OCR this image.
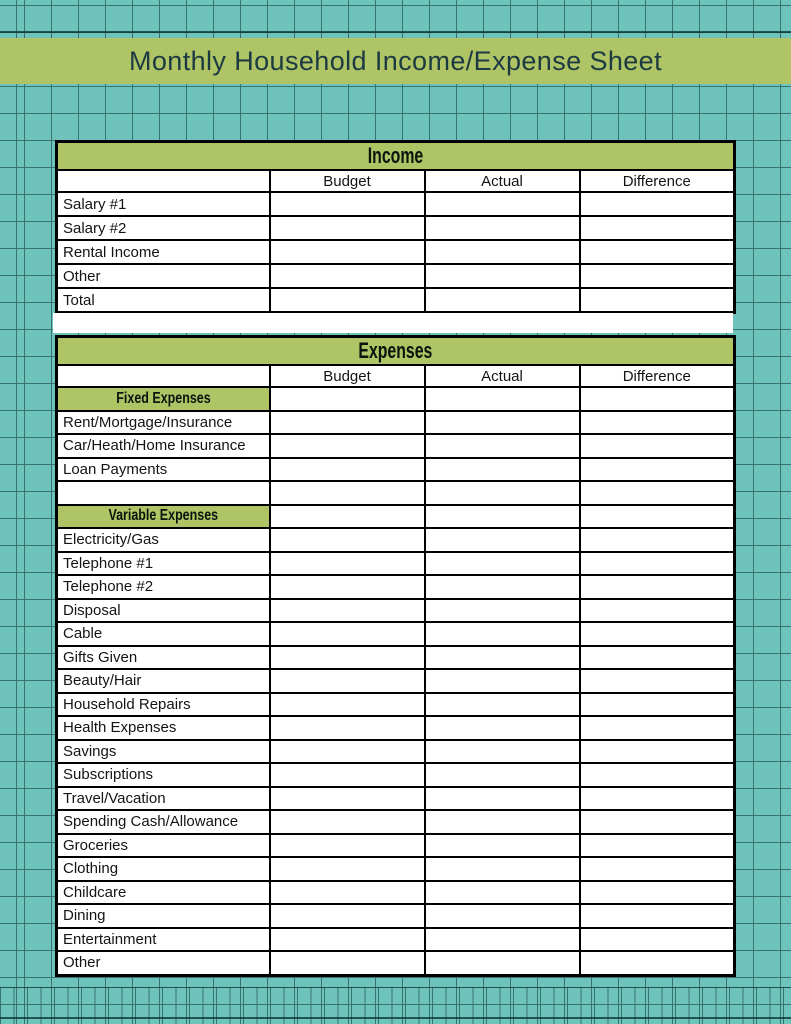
Monthly Household Income/Expense Sheet
Income			
	Budget	Actual	Difference
Salary #1			
Salary #2			
Rental Income			
Other			
Total			
Expenses			
	Budget	Actual	Difference
Fixed Expenses			
Rent/Mortgage/Insurance			
Car/Heath/Home Insurance			
Loan Payments			

Variable Expenses			
Electricity/Gas			
Telephone #1			
Telephone #2			
Disposal			
Cable			
Gifts Given			
Beauty/Hair			
Household Repairs			
Health Expenses			
Savings			
Subscriptions			
Travel/Vacation			
Spending Cash/Allowance			
Groceries			
Clothing			
Childcare			
Dining			
Entertainment			
Other			
